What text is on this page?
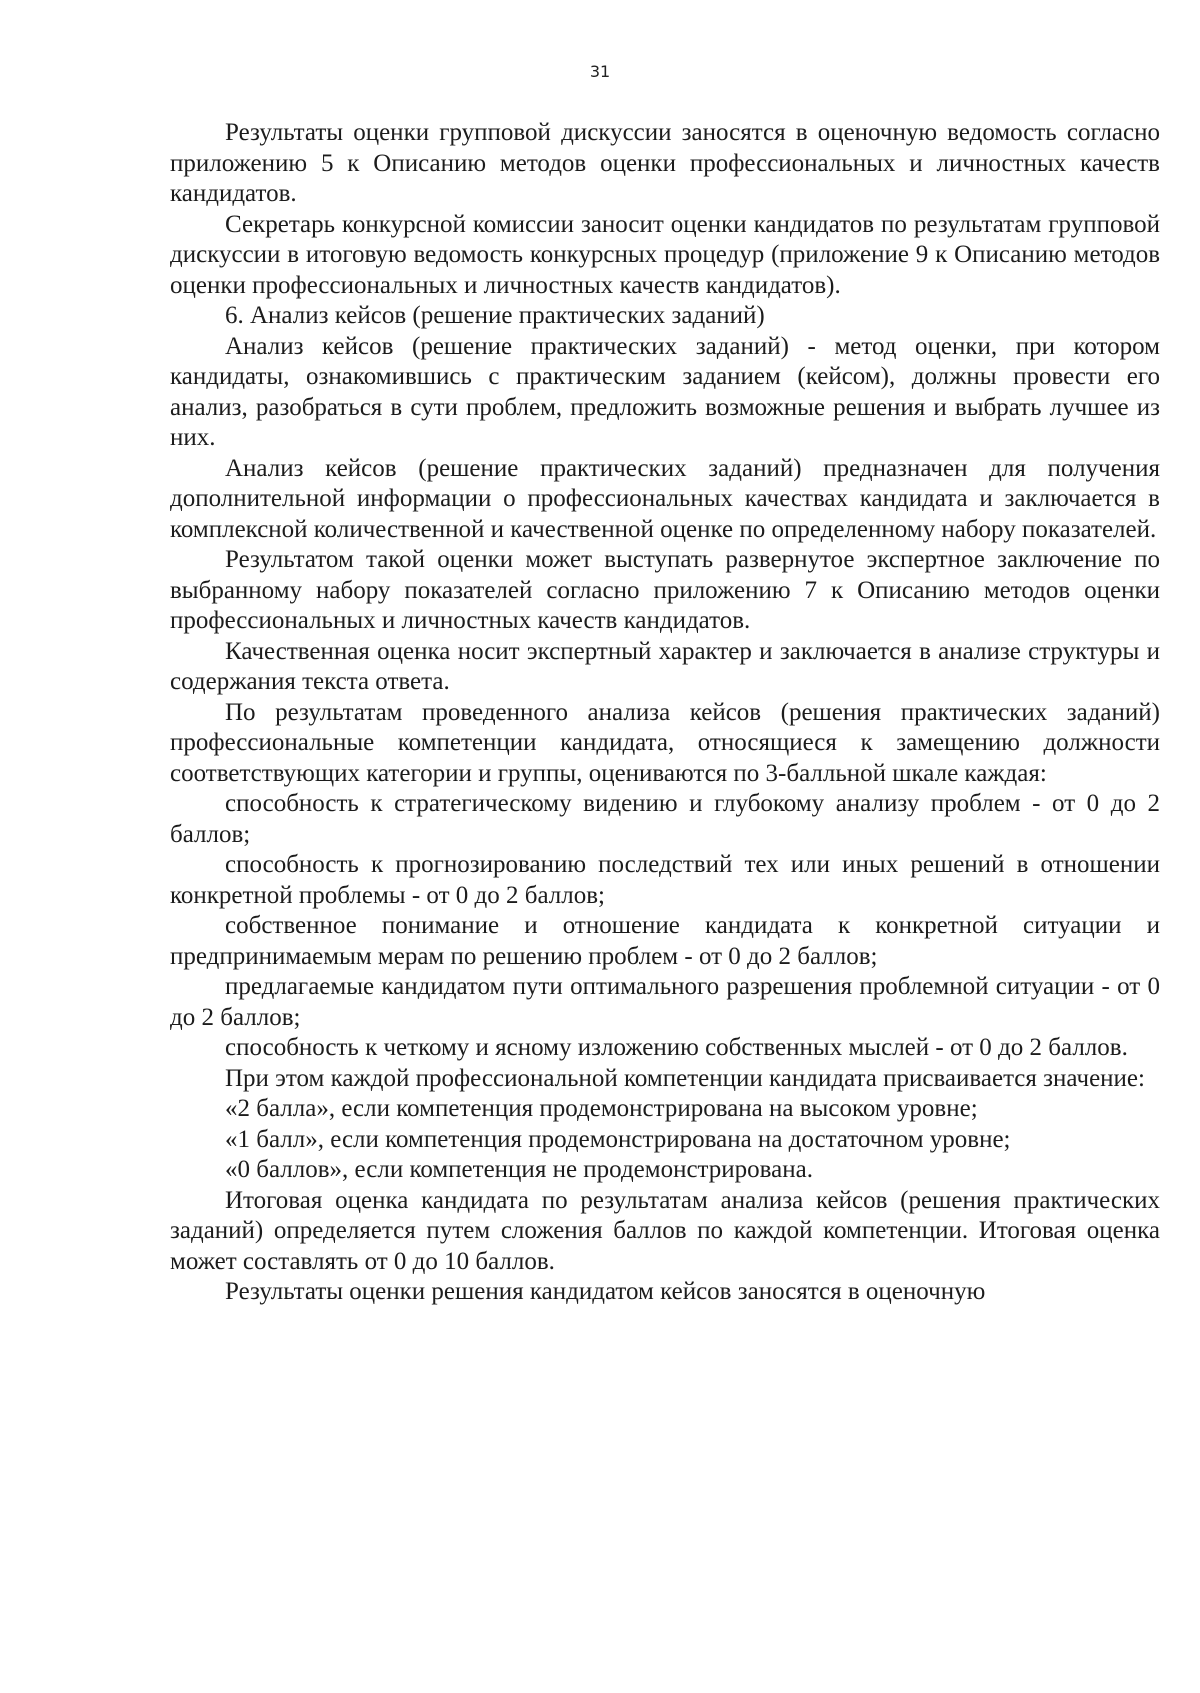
31

Результаты оценки групповой дискуссии заносятся в оценочную ведомость согласно приложению 5 к Описанию методов оценки профессиональных и личностных качеств кандидатов.

Секретарь конкурсной комиссии заносит оценки кандидатов по результатам групповой дискуссии в итоговую ведомость конкурсных процедур (приложение 9 к Описанию методов оценки профессиональных и личностных качеств кандидатов).

6. Анализ кейсов (решение практических заданий)

Анализ кейсов (решение практических заданий) - метод оценки, при котором кандидаты, ознакомившись с практическим заданием (кейсом), должны провести его анализ, разобраться в сути проблем, предложить возможные решения и выбрать лучшее из них.

Анализ кейсов (решение практических заданий) предназначен для получения дополнительной информации о профессиональных качествах кандидата и заключается в комплексной количественной и качественной оценке по определенному набору показателей.

Результатом такой оценки может выступать развернутое экспертное заключение по выбранному набору показателей согласно приложению 7 к Описанию методов оценки профессиональных и личностных качеств кандидатов.

Качественная оценка носит экспертный характер и заключается в анализе структуры и содержания текста ответа.

По результатам проведенного анализа кейсов (решения практических заданий) профессиональные компетенции кандидата, относящиеся к замещению должности соответствующих категории и группы, оцениваются по 3-балльной шкале каждая:

способность к стратегическому видению и глубокому анализу проблем - от 0 до 2 баллов;

способность к прогнозированию последствий тех или иных решений в отношении конкретной проблемы - от 0 до 2 баллов;

собственное понимание и отношение кандидата к конкретной ситуации и предпринимаемым мерам по решению проблем - от 0 до 2 баллов;

предлагаемые кандидатом пути оптимального разрешения проблемной ситуации - от 0 до 2 баллов;

способность к четкому и ясному изложению собственных мыслей - от 0 до 2 баллов.

При этом каждой профессиональной компетенции кандидата присваивается значение:

«2 балла», если компетенция продемонстрирована на высоком уровне;

«1 балл», если компетенция продемонстрирована на достаточном уровне;

«0 баллов», если компетенция не продемонстрирована.

Итоговая оценка кандидата по результатам анализа кейсов (решения практических заданий) определяется путем сложения баллов по каждой компетенции. Итоговая оценка может составлять от 0 до 10 баллов.

Результаты оценки решения кандидатом кейсов заносятся в оценочную
